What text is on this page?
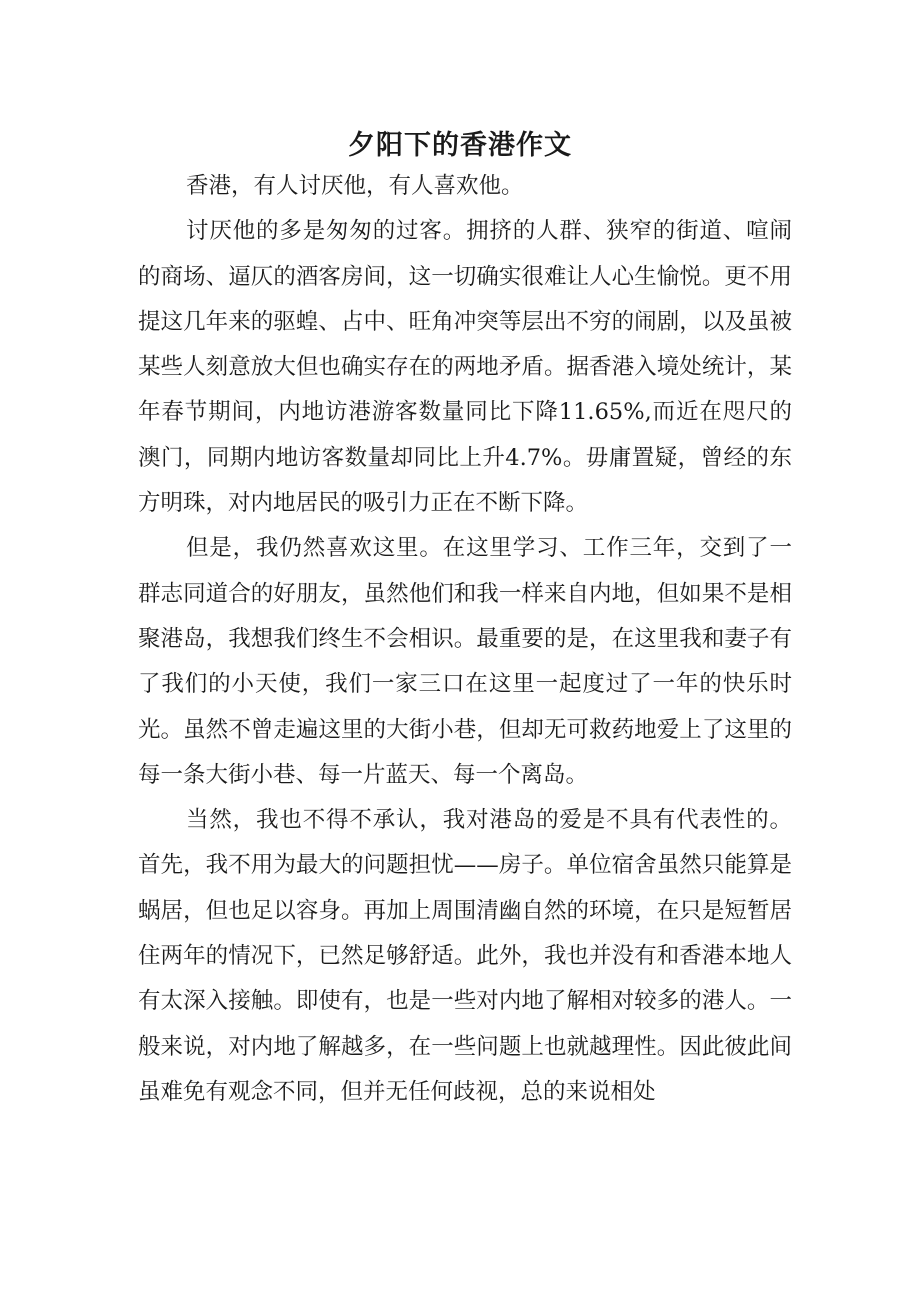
夕阳下的香港作文

香港，有人讨厌他，有人喜欢他。

讨厌他的多是匆匆的过客。拥挤的人群、狭窄的街道、喧闹的商场、逼仄的酒客房间，这一切确实很难让人心生愉悦。更不用提这几年来的驱蝗、占中、旺角冲突等层出不穷的闹剧，以及虽被某些人刻意放大但也确实存在的两地矛盾。据香港入境处统计，某年春节期间，内地访港游客数量同比下降11.65%,而近在咫尺的澳门，同期内地访客数量却同比上升4.7%。毋庸置疑，曾经的东方明珠，对内地居民的吸引力正在不断下降。

但是，我仍然喜欢这里。在这里学习、工作三年，交到了一群志同道合的好朋友，虽然他们和我一样来自内地，但如果不是相聚港岛，我想我们终生不会相识。最重要的是，在这里我和妻子有了我们的小天使，我们一家三口在这里一起度过了一年的快乐时光。虽然不曾走遍这里的大街小巷，但却无可救药地爱上了这里的每一条大街小巷、每一片蓝天、每一个离岛。

当然，我也不得不承认，我对港岛的爱是不具有代表性的。首先，我不用为最大的问题担忧——房子。单位宿舍虽然只能算是蜗居，但也足以容身。再加上周围清幽自然的环境，在只是短暂居住两年的情况下，已然足够舒适。此外，我也并没有和香港本地人有太深入接触。即使有，也是一些对内地了解相对较多的港人。一般来说，对内地了解越多，在一些问题上也就越理性。因此彼此间虽难免有观念不同，但并无任何歧视，总的来说相处
